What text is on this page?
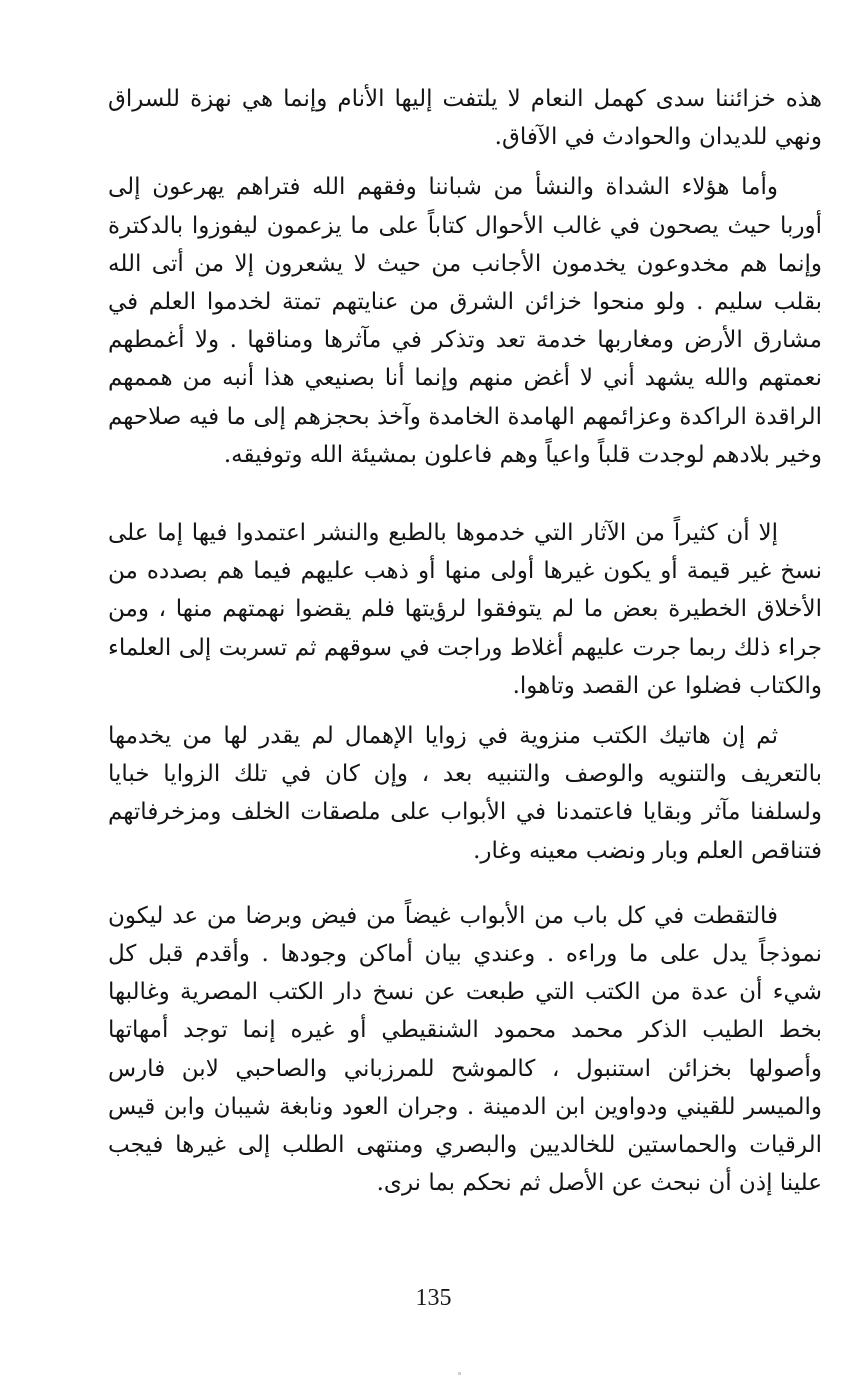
هذه خزائننا سدى كهمل النعام لا يلتفت إليها الأنام وإنما هي نهزة للسراق ونهي للديدان والحوادث في الآفاق.

وأما هؤلاء الشداة والنشأ من شباننا وفقهم الله فتراهم يهرعون إلى أوربا حيث يصحون في غالب الأحوال كتاباً على ما يزعمون ليفوزوا بالدكترة وإنما هم مخدوعون يخدمون الأجانب من حيث لا يشعرون إلا من أتى الله بقلب سليم . ولو منحوا خزائن الشرق من عنايتهم تمتة لخدموا العلم في مشارق الأرض ومغاربها خدمة تعد وتذكر في مآثرها ومناقها . ولا أغمطهم نعمتهم والله يشهد أني لا أغض منهم وإنما أنا بصنيعي هذا أنبه من هممهم الراقدة الراكدة وعزائمهم الهامدة الخامدة وآخذ بحجزهم إلى ما فيه صلاحهم وخير بلادهم لوجدت قلباً واعياً وهم فاعلون بمشيئة الله وتوفيقه.

إلا أن كثيراً من الآثار التي خدموها بالطبع والنشر اعتمدوا فيها إما على نسخ غير قيمة أو يكون غيرها أولى منها أو ذهب عليهم فيما هم بصدده من الأخلاق الخطيرة بعض ما لم يتوفقوا لرؤيتها فلم يقضوا نهمتهم منها ، ومن جراء ذلك ربما جرت عليهم أغلاط وراجت في سوقهم ثم تسربت إلى العلماء والكتاب فضلوا عن القصد وتاهوا.

ثم إن هاتيك الكتب منزوية في زوايا الإهمال لم يقدر لها من يخدمها بالتعريف والتنويه والوصف والتنبيه بعد ، وإن كان في تلك الزوايا خبايا ولسلفنا مآثر وبقايا فاعتمدنا في الأبواب على ملصقات الخلف ومزخرفاتهم فتناقص العلم وبار ونضب معينه وغار.

فالتقطت في كل باب من الأبواب غيضاً من فيض وبرضا من عد ليكون نموذجاً يدل على ما وراءه . وعندي بيان أماكن وجودها . وأقدم قبل كل شيء أن عدة من الكتب التي طبعت عن نسخ دار الكتب المصرية وغالبها بخط الطيب الذكر محمد محمود الشنقيطي أو غيره إنما توجد أمهاتها وأصولها بخزائن استنبول ، كالموشح للمرزباني والصاحبي لابن فارس والميسر للقيني ودواوين ابن الدمينة . وجران العود ونابغة شيبان وابن قيس الرقيات والحماستين للخالديين والبصري ومنتهى الطلب إلى غيرها فيجب علينا إذن أن نبحث عن الأصل ثم نحكم بما نرى.

135
